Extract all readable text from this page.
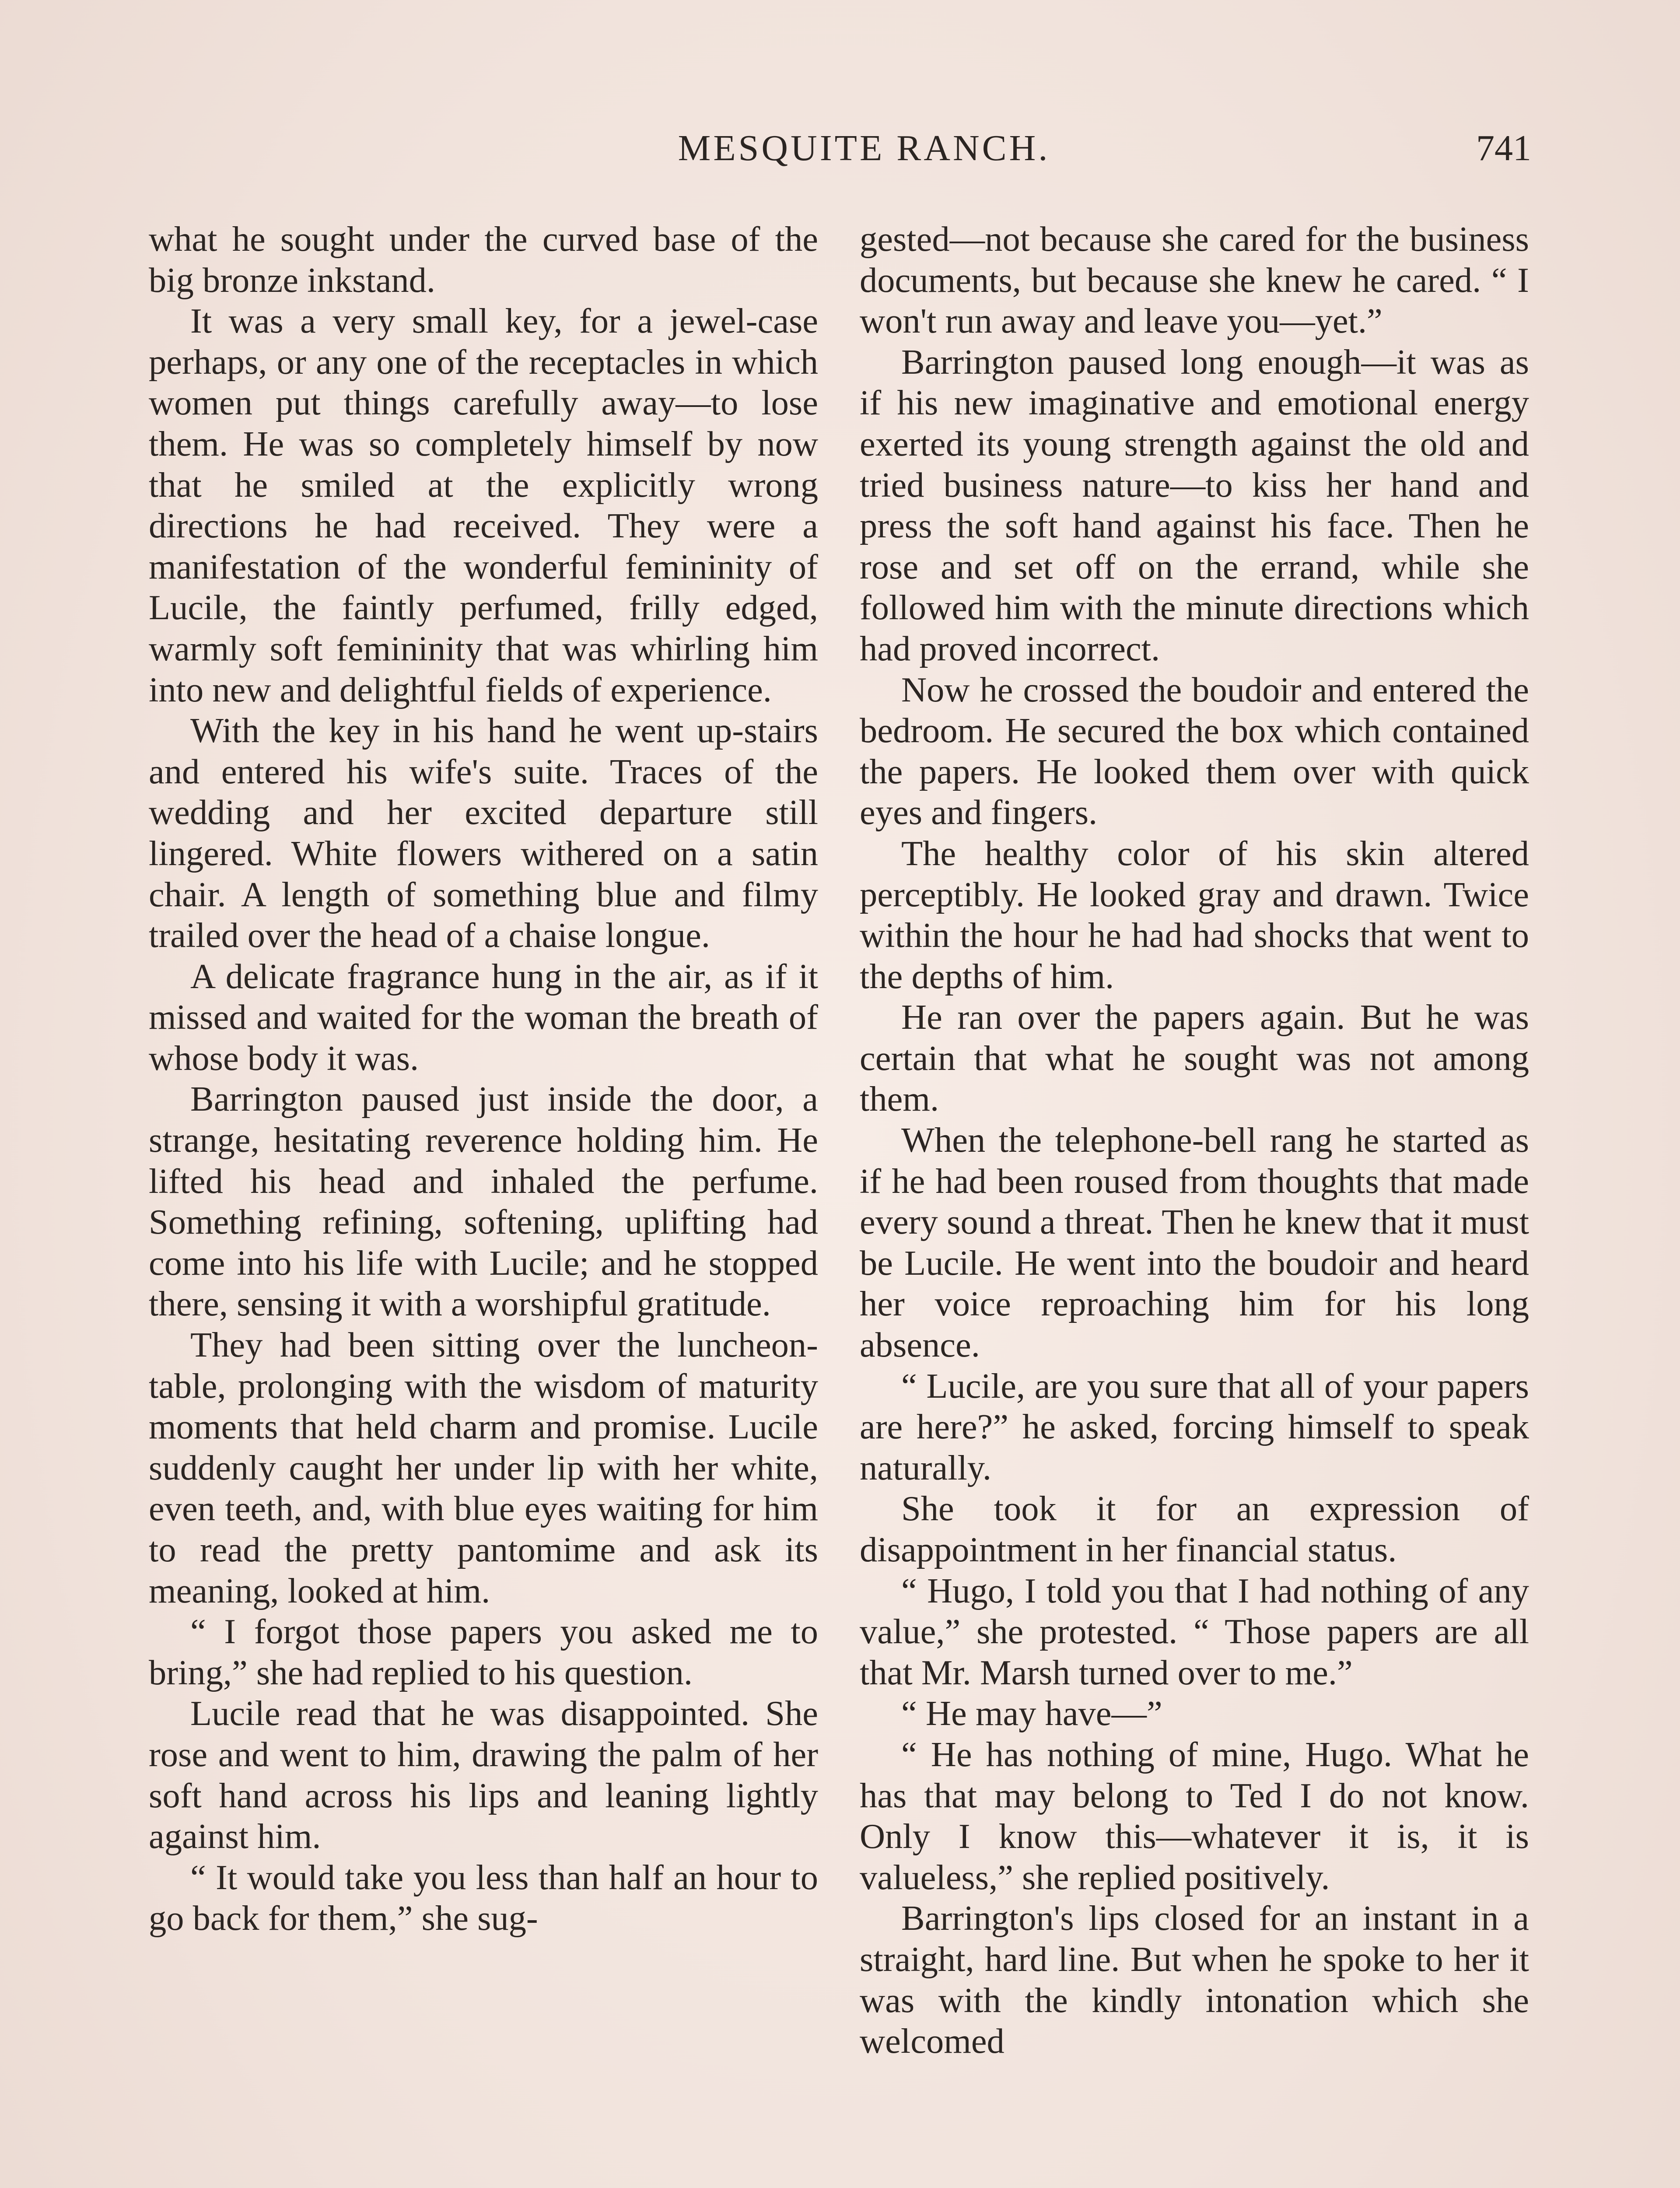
MESQUITE RANCH.	741

what he sought under the curved base of the big bronze inkstand.

It was a very small key, for a jewel-case perhaps, or any one of the receptacles in which women put things carefully away—to lose them. He was so completely himself by now that he smiled at the explicitly wrong directions he had received. They were a manifestation of the wonderful femininity of Lucile, the faintly perfumed, frilly edged, warmly soft femininity that was whirling him into new and delightful fields of experience.

With the key in his hand he went up-stairs and entered his wife's suite. Traces of the wedding and her excited departure still lingered. White flowers withered on a satin chair. A length of something blue and filmy trailed over the head of a chaise longue.

A delicate fragrance hung in the air, as if it missed and waited for the woman the breath of whose body it was.

Barrington paused just inside the door, a strange, hesitating reverence holding him. He lifted his head and inhaled the perfume. Something refining, softening, uplifting had come into his life with Lucile; and he stopped there, sensing it with a worshipful gratitude.

They had been sitting over the luncheon-table, prolonging with the wisdom of maturity moments that held charm and promise. Lucile suddenly caught her under lip with her white, even teeth, and, with blue eyes waiting for him to read the pretty pantomime and ask its meaning, looked at him.

“ I forgot those papers you asked me to bring,” she had replied to his question.

Lucile read that he was disappointed. She rose and went to him, drawing the palm of her soft hand across his lips and leaning lightly against him.

“ It would take you less than half an hour to go back for them,” she sug-

gested—not because she cared for the business documents, but because she knew he cared. “ I won't run away and leave you—yet.”

Barrington paused long enough—it was as if his new imaginative and emotional energy exerted its young strength against the old and tried business nature—to kiss her hand and press the soft hand against his face. Then he rose and set off on the errand, while she followed him with the minute directions which had proved incorrect.

Now he crossed the boudoir and entered the bedroom. He secured the box which contained the papers. He looked them over with quick eyes and fingers.

The healthy color of his skin altered perceptibly. He looked gray and drawn. Twice within the hour he had had shocks that went to the depths of him.

He ran over the papers again. But he was certain that what he sought was not among them.

When the telephone-bell rang he started as if he had been roused from thoughts that made every sound a threat. Then he knew that it must be Lucile. He went into the boudoir and heard her voice reproaching him for his long absence.

“ Lucile, are you sure that all of your papers are here?” he asked, forcing himself to speak naturally.

She took it for an expression of disappointment in her financial status.

“ Hugo, I told you that I had nothing of any value,” she protested. “ Those papers are all that Mr. Marsh turned over to me.”

“ He may have—”

“ He has nothing of mine, Hugo. What he has that may belong to Ted I do not know. Only I know this—whatever it is, it is valueless,” she replied positively.

Barrington's lips closed for an instant in a straight, hard line. But when he spoke to her it was with the kindly intonation which she welcomed
